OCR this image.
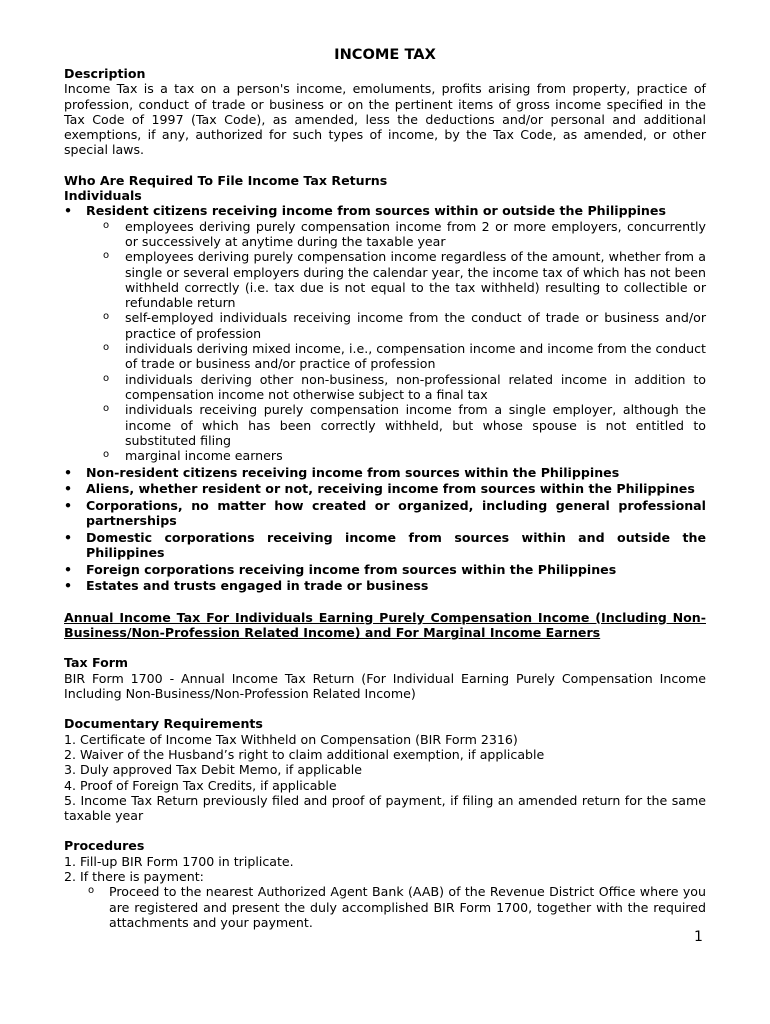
INCOME TAX
Description
Income Tax is a tax on a person's income, emoluments, profits arising from property, practice of profession, conduct of trade or business or on the pertinent items of gross income specified in the Tax Code of 1997 (Tax Code), as amended, less the deductions and/or personal and additional exemptions, if any, authorized for such types of income, by the Tax Code, as amended, or other special laws.
Who Are Required To File Income Tax Returns
Individuals
• Resident citizens receiving income from sources within or outside the Philippines
o employees deriving purely compensation income from 2 or more employers, concurrently or successively at anytime during the taxable year
o employees deriving purely compensation income regardless of the amount, whether from a single or several employers during the calendar year, the income tax of which has not been withheld correctly (i.e. tax due is not equal to the tax withheld) resulting to collectible or refundable return
o self-employed individuals receiving income from the conduct of trade or business and/or practice of profession
o individuals deriving mixed income, i.e., compensation income and income from the conduct of trade or business and/or practice of profession
o individuals deriving other non-business, non-professional related income in addition to compensation income not otherwise subject to a final tax
o individuals receiving purely compensation income from a single employer, although the income of which has been correctly withheld, but whose spouse is not entitled to substituted filing
o marginal income earners
• Non-resident citizens receiving income from sources within the Philippines
• Aliens, whether resident or not, receiving income from sources within the Philippines
• Corporations, no matter how created or organized, including general professional partnerships
• Domestic corporations receiving income from sources within and outside the Philippines
• Foreign corporations receiving income from sources within the Philippines
• Estates and trusts engaged in trade or business
Annual Income Tax For Individuals Earning Purely Compensation Income (Including Non-Business/Non-Profession Related Income) and For Marginal Income Earners
Tax Form
BIR Form 1700 - Annual Income Tax Return (For Individual Earning Purely Compensation Income Including Non-Business/Non-Profession Related Income)
Documentary Requirements
1. Certificate of Income Tax Withheld on Compensation (BIR Form 2316)
2. Waiver of the Husband’s right to claim additional exemption, if applicable
3. Duly approved Tax Debit Memo, if applicable
4. Proof of Foreign Tax Credits, if applicable
5. Income Tax Return previously filed and proof of payment, if filing an amended return for the same taxable year
Procedures
1. Fill-up BIR Form 1700 in triplicate.
2. If there is payment:
o Proceed to the nearest Authorized Agent Bank (AAB) of the Revenue District Office where you are registered and present the duly accomplished BIR Form 1700, together with the required attachments and your payment.
1
